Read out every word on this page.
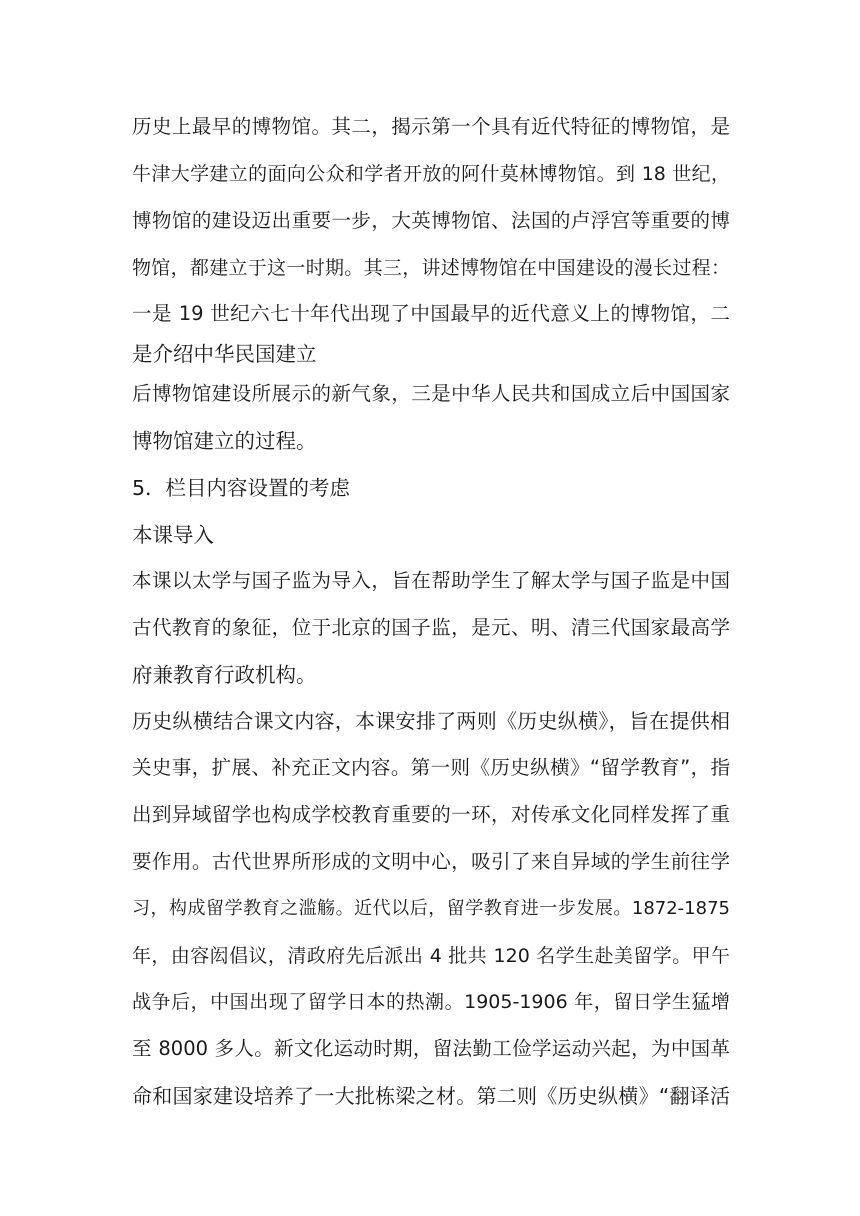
历史上最早的博物馆。其二，揭示第一个具有近代特征的博物馆，是
牛津大学建立的面向公众和学者开放的阿什莫林博物馆。到 18 世纪，
博物馆的建设迈出重要一步，大英博物馆、法国的卢浮宫等重要的博
物馆，都建立于这一时期。其三，讲述博物馆在中国建设的漫长过程：
一是 19 世纪六七十年代出现了中国最早的近代意义上的博物馆，二
是介绍中华民国建立
后博物馆建设所展示的新气象，三是中华人民共和国成立后中国国家
博物馆建立的过程。
5．栏目内容设置的考虑
本课导入
本课以太学与国子监为导入，旨在帮助学生了解太学与国子监是中国
古代教育的象征，位于北京的国子监，是元、明、清三代国家最高学
府兼教育行政机构。
历史纵横结合课文内容，本课安排了两则《历史纵横》，旨在提供相
关史事，扩展、补充正文内容。第一则《历史纵横》“留学教育”，指
出到异域留学也构成学校教育重要的一环，对传承文化同样发挥了重
要作用。古代世界所形成的文明中心，吸引了来自异域的学生前往学
习，构成留学教育之滥觞。近代以后，留学教育进一步发展。1872-1875
年，由容闳倡议，清政府先后派出 4 批共 120 名学生赴美留学。甲午
战争后，中国出现了留学日本的热潮。1905-1906 年，留日学生猛增
至 8000 多人。新文化运动时期，留法勤工俭学运动兴起，为中国革
命和国家建设培养了一大批栋梁之材。第二则《历史纵横》“翻译活
